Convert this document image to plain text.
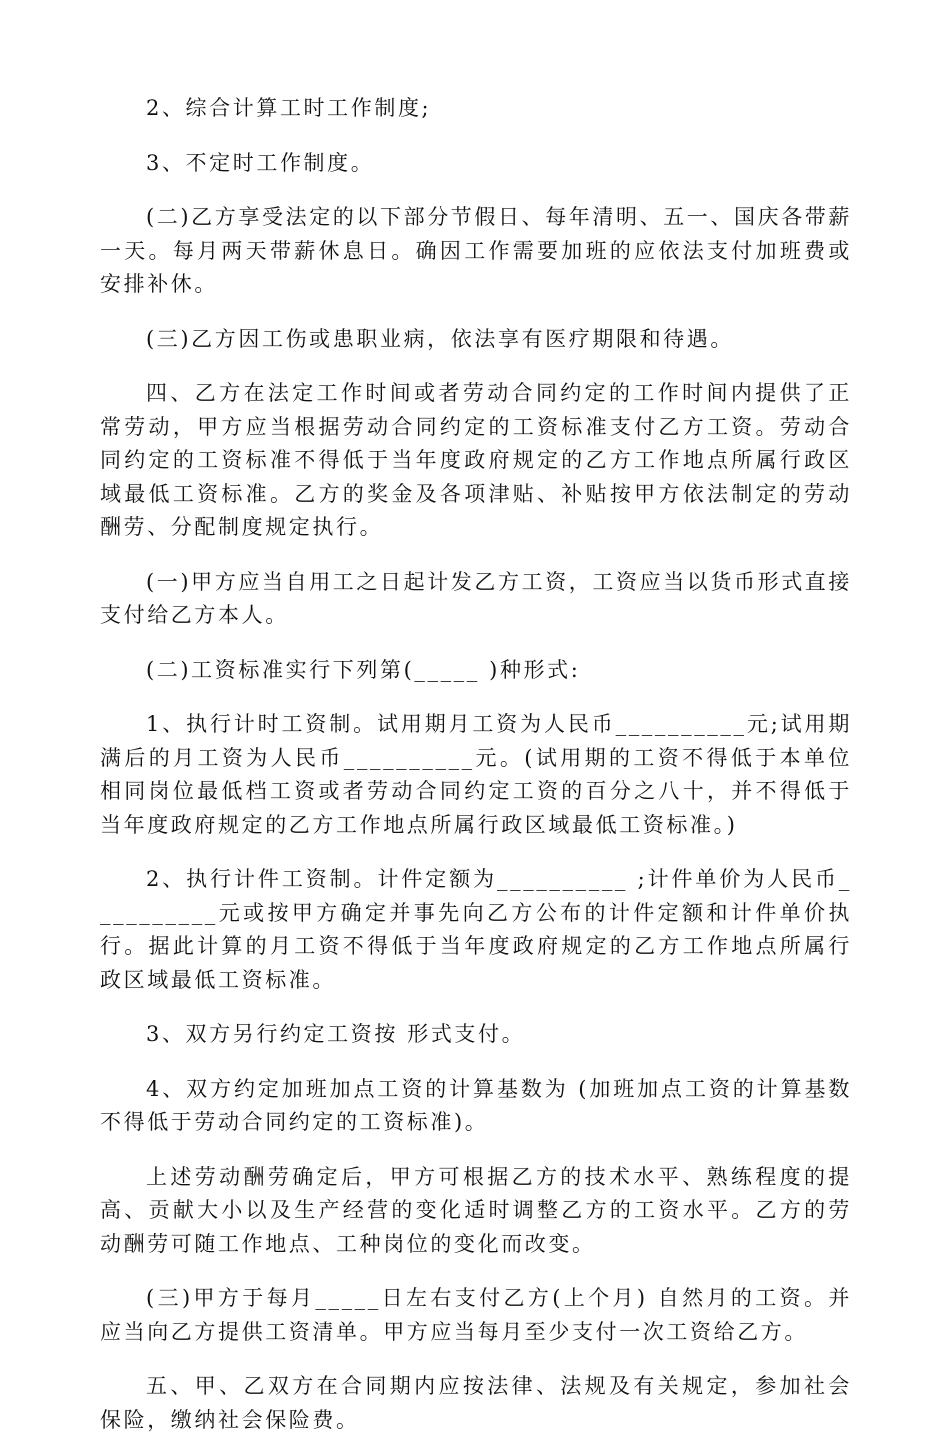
2、综合计算工时工作制度;

3、不定时工作制度。

(二)乙方享受法定的以下部分节假日、每年清明、五一、国庆各带薪一天。每月两天带薪休息日。确因工作需要加班的应依法支付加班费或安排补休。

(三)乙方因工伤或患职业病，依法享有医疗期限和待遇。

四、乙方在法定工作时间或者劳动合同约定的工作时间内提供了正常劳动，甲方应当根据劳动合同约定的工资标准支付乙方工资。劳动合同约定的工资标准不得低于当年度政府规定的乙方工作地点所属行政区域最低工资标准。乙方的奖金及各项津贴、补贴按甲方依法制定的劳动酬劳、分配制度规定执行。

(一)甲方应当自用工之日起计发乙方工资，工资应当以货币形式直接支付给乙方本人。

(二)工资标准实行下列第(_____ )种形式:

1、执行计时工资制。试用期月工资为人民币__________元;试用期满后的月工资为人民币__________元。(试用期的工资不得低于本单位相同岗位最低档工资或者劳动合同约定工资的百分之八十，并不得低于当年度政府规定的乙方工作地点所属行政区域最低工资标准。)

2、执行计件工资制。计件定额为__________ ;计件单价为人民币__________元或按甲方确定并事先向乙方公布的计件定额和计件单价执行。据此计算的月工资不得低于当年度政府规定的乙方工作地点所属行政区域最低工资标准。

3、双方另行约定工资按 形式支付。

4、双方约定加班加点工资的计算基数为 (加班加点工资的计算基数不得低于劳动合同约定的工资标准)。

上述劳动酬劳确定后，甲方可根据乙方的技术水平、熟练程度的提高、贡献大小以及生产经营的变化适时调整乙方的工资水平。乙方的劳动酬劳可随工作地点、工种岗位的变化而改变。

(三)甲方于每月_____日左右支付乙方(上个月) 自然月的工资。并应当向乙方提供工资清单。甲方应当每月至少支付一次工资给乙方。

五、甲、乙双方在合同期内应按法律、法规及有关规定，参加社会保险，缴纳社会保险费。
